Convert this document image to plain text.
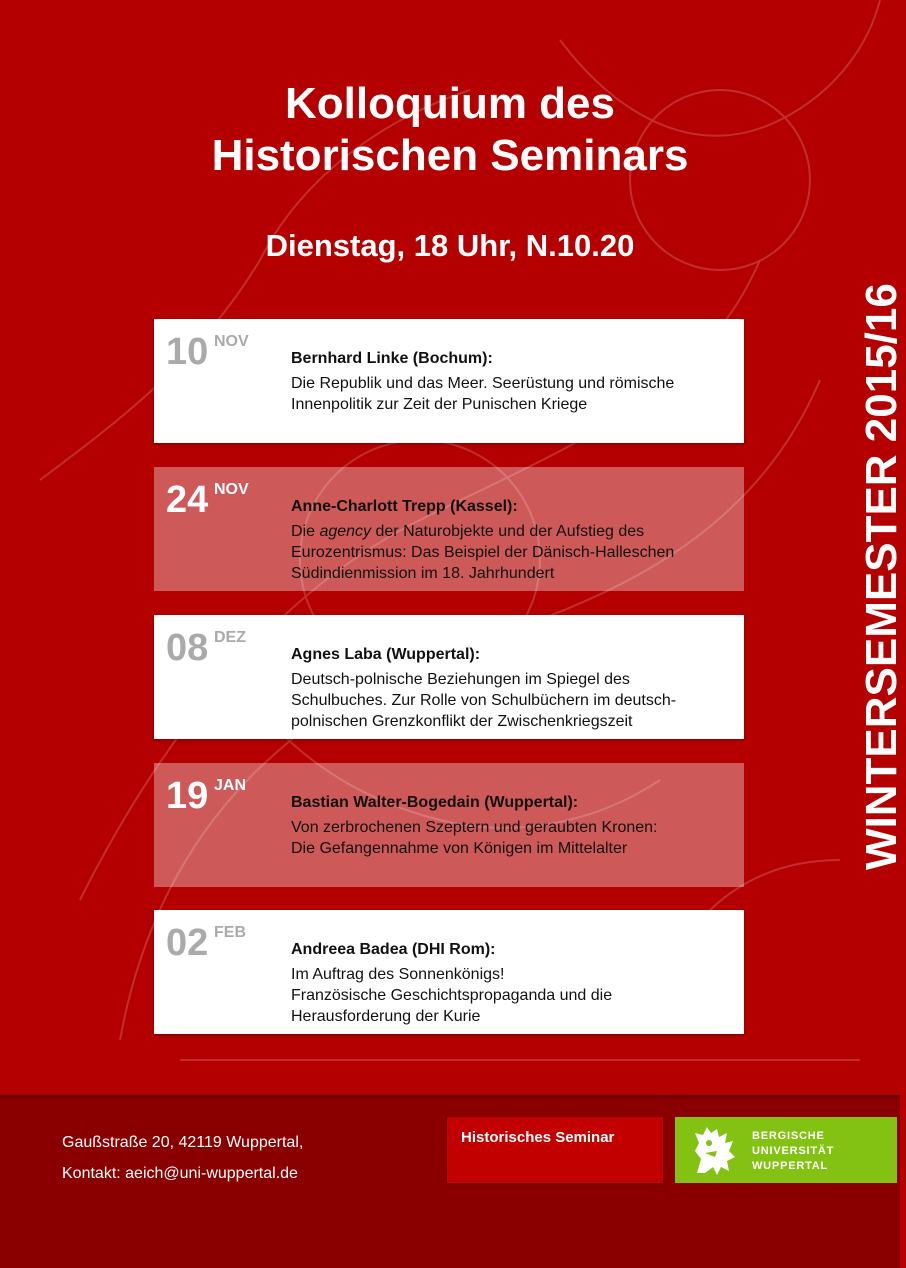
Kolloquium des
Historischen Seminars
Dienstag, 18 Uhr, N.10.20
WINTERSEMESTER 2015/16
10 NOV
Bernhard Linke (Bochum):
Die Republik und das Meer. Seerüstung und römische
Innenpolitik zur Zeit der Punischen Kriege
24 NOV
Anne-Charlott Trepp (Kassel):
Die agency der Naturobjekte und der Aufstieg des
Eurozentrismus: Das Beispiel der Dänisch-Halleschen
Südindienmission im 18. Jahrhundert
08 DEZ
Agnes Laba (Wuppertal):
Deutsch-polnische Beziehungen im Spiegel des
Schulbuches. Zur Rolle von Schulbüchern im deutsch-
polnischen Grenzkonflikt der Zwischenkriegszeit
19 JAN
Bastian Walter-Bogedain (Wuppertal):
Von zerbrochenen Szeptern und geraubten Kronen:
Die Gefangennahme von Königen im Mittelalter
02 FEB
Andreea Badea (DHI Rom):
Im Auftrag des Sonnenkönigs!
Französische Geschichtspropaganda und die
Herausforderung der Kurie
Gaußstraße 20, 42119 Wuppertal,
Kontakt: aeich@uni-wuppertal.de
Historisches Seminar	BERGISCHE
UNIVERSITÄT
WUPPERTAL
